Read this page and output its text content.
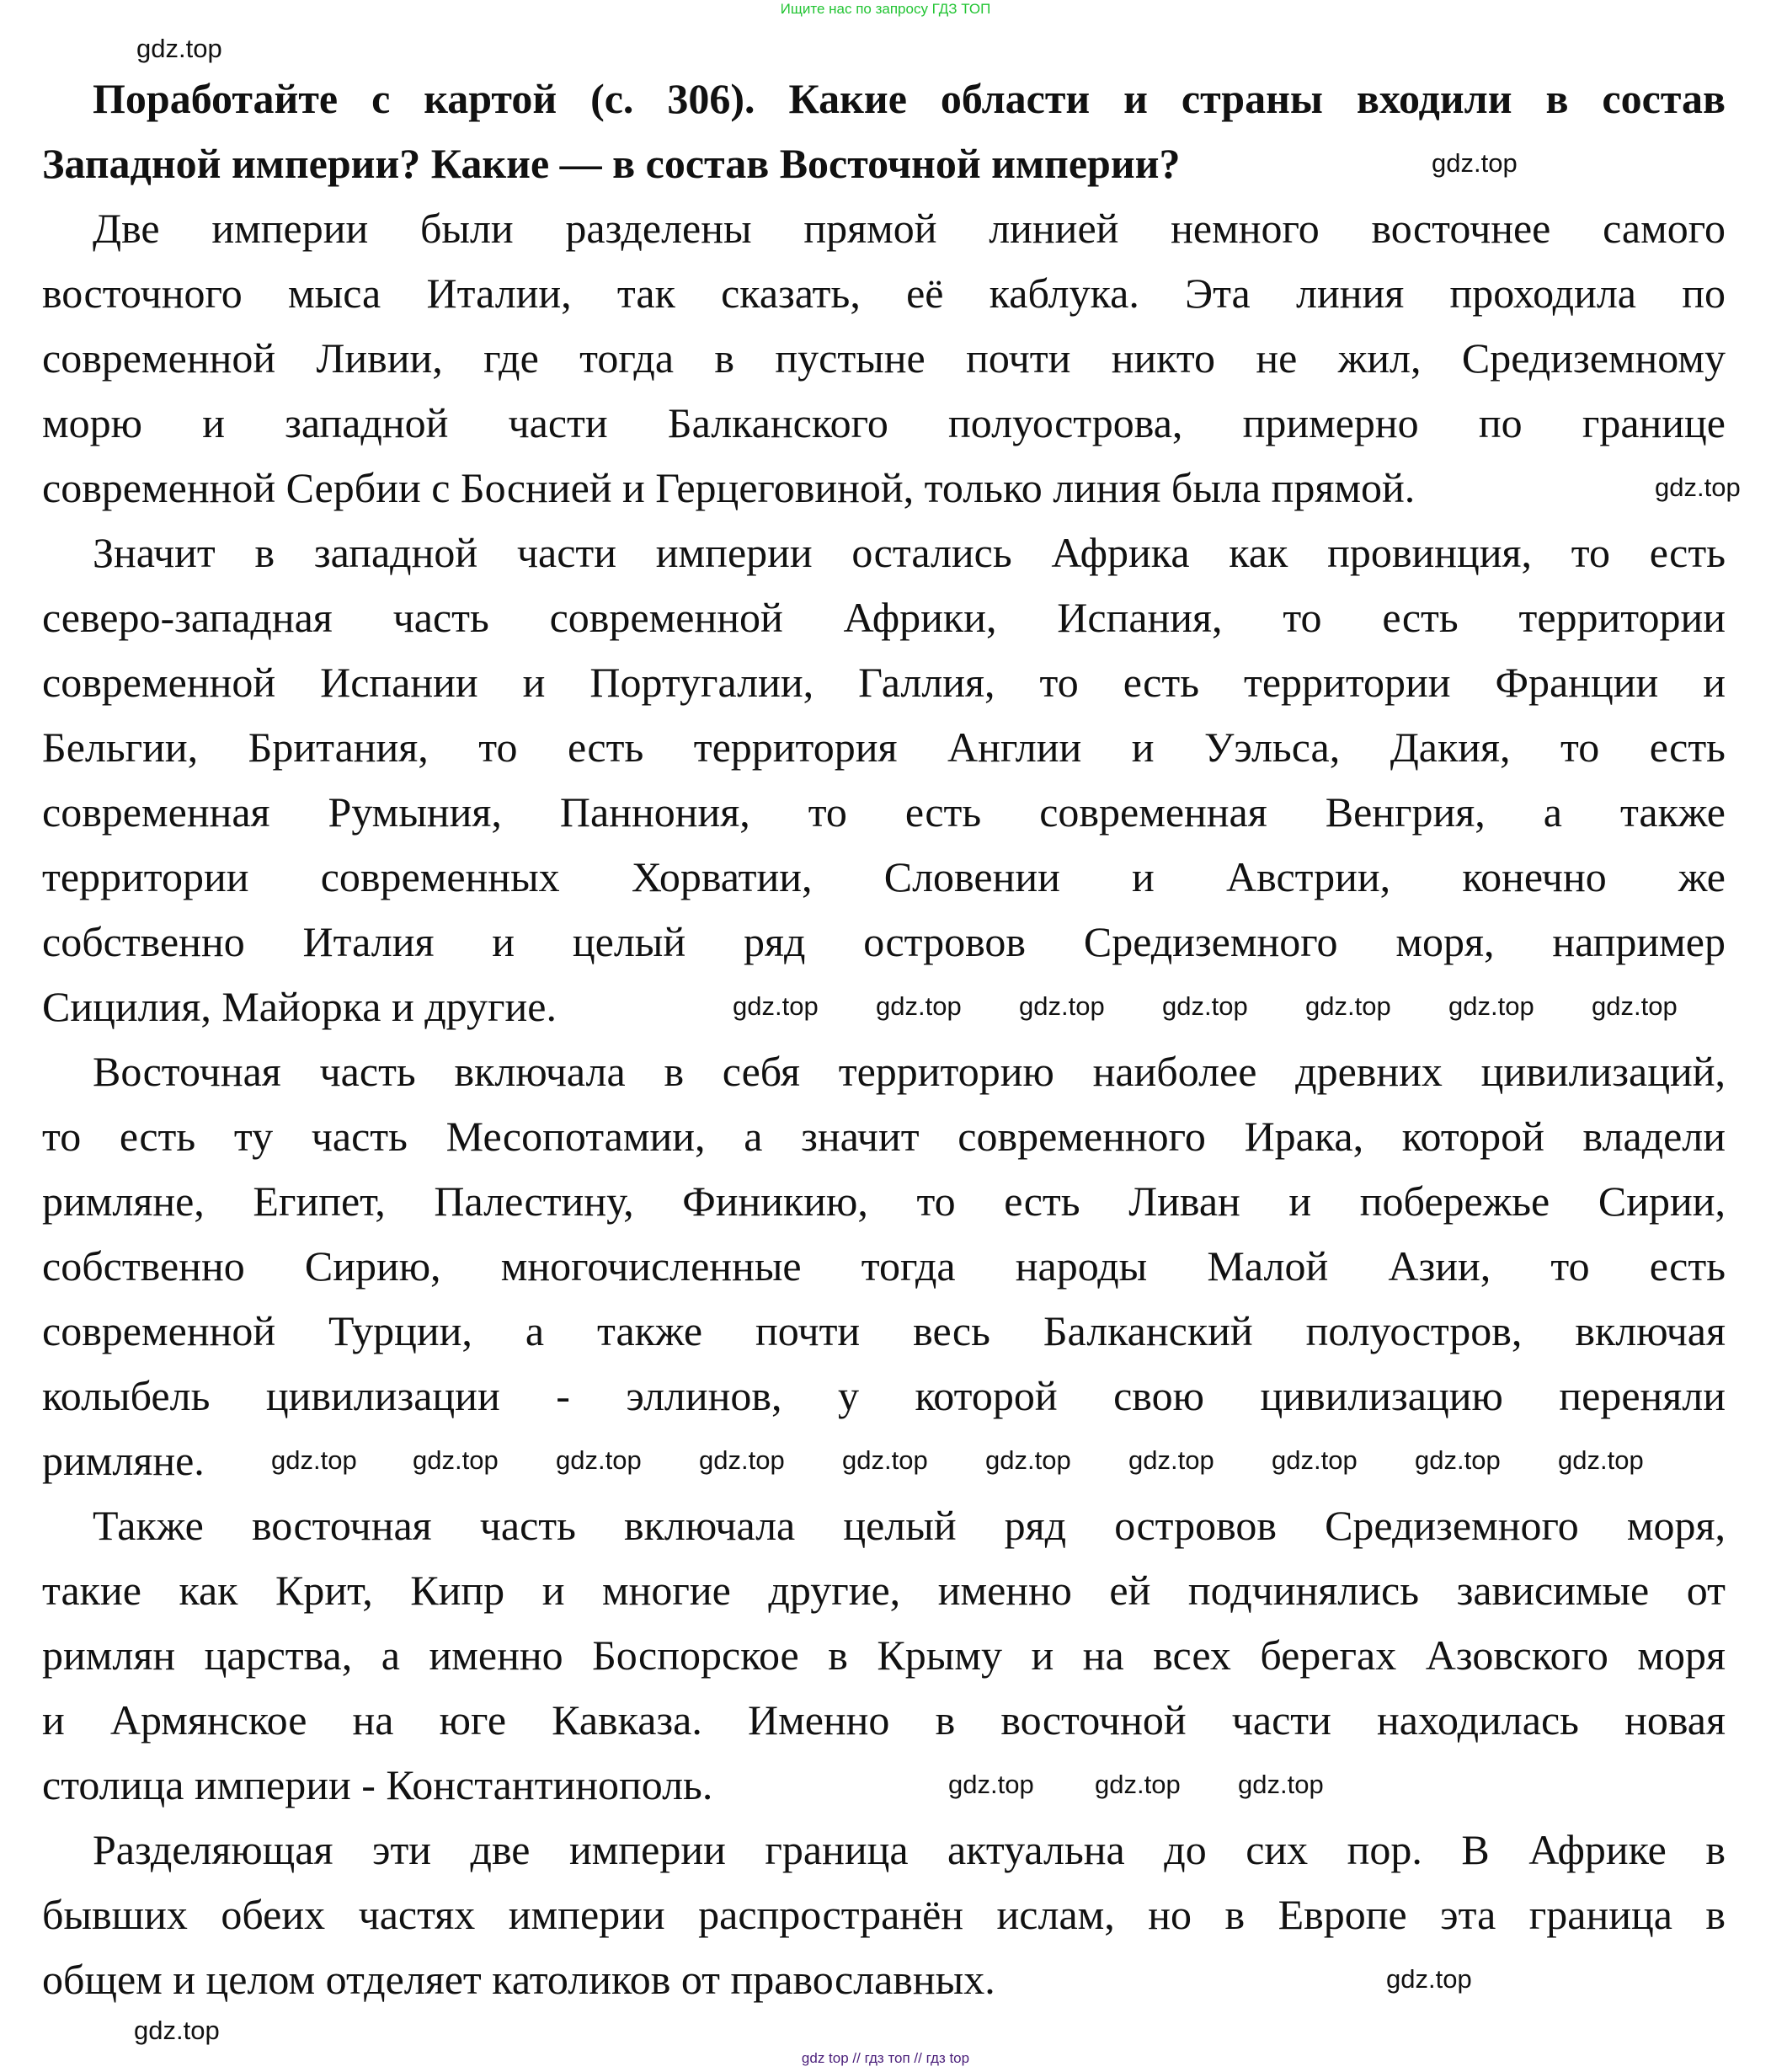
Ищите нас по запросу ГДЗ ТОП
Поработайте с картой (с. 306). Какие области и страны входили в состав
Западной империи? Какие — в состав Восточной империи?
Две империи были разделены прямой линией немного восточнее самого
восточного мыса Италии, так сказать, её каблука. Эта линия проходила по
современной Ливии, где тогда в пустыне почти никто не жил, Средиземному
морю и западной части Балканского полуострова, примерно по границе
современной Сербии с Боснией и Герцеговиной, только линия была прямой.
Значит в западной части империи остались Африка как провинция, то есть
северо-западная часть современной Африки, Испания, то есть территории
современной Испании и Португалии, Галлия, то есть территории Франции и
Бельгии, Британия, то есть территория Англии и Уэльса, Дакия, то есть
современная Румыния, Паннония, то есть современная Венгрия, а также
территории современных Хорватии, Словении и Австрии, конечно же
собственно Италия и целый ряд островов Средиземного моря, например
Сицилия, Майорка и другие.
Восточная часть включала в себя территорию наиболее древних цивилизаций,
то есть ту часть Месопотамии, а значит современного Ирака, которой владели
римляне, Египет, Палестину, Финикию, то есть Ливан и побережье Сирии,
собственно Сирию, многочисленные тогда народы Малой Азии, то есть
современной Турции, а также почти весь Балканский полуостров, включая
колыбель цивилизации - эллинов, у которой свою цивилизацию переняли
римляне.
Также восточная часть включала целый ряд островов Средиземного моря,
такие как Крит, Кипр и многие другие, именно ей подчинялись зависимые от
римлян царства, а именно Боспорское в Крыму и на всех берегах Азовского моря
и Армянское на юге Кавказа. Именно в восточной части находилась новая
столица империи - Константинополь.
Разделяющая эти две империи граница актуальна до сих пор. В Африке в
бывших обеих частях империи распространён ислам, но в Европе эта граница в
общем и целом отделяет католиков от православных.
gdz.top
gdz.top
gdz.top
gdz.top gdz.top gdz.top gdz.top gdz.top gdz.top gdz.top
gdz.top gdz.top gdz.top gdz.top gdz.top gdz.top gdz.top gdz.top gdz.top gdz.top
gdz.top gdz.top gdz.top
gdz.top
gdz.top
gdz top // гдз топ // гдз top
